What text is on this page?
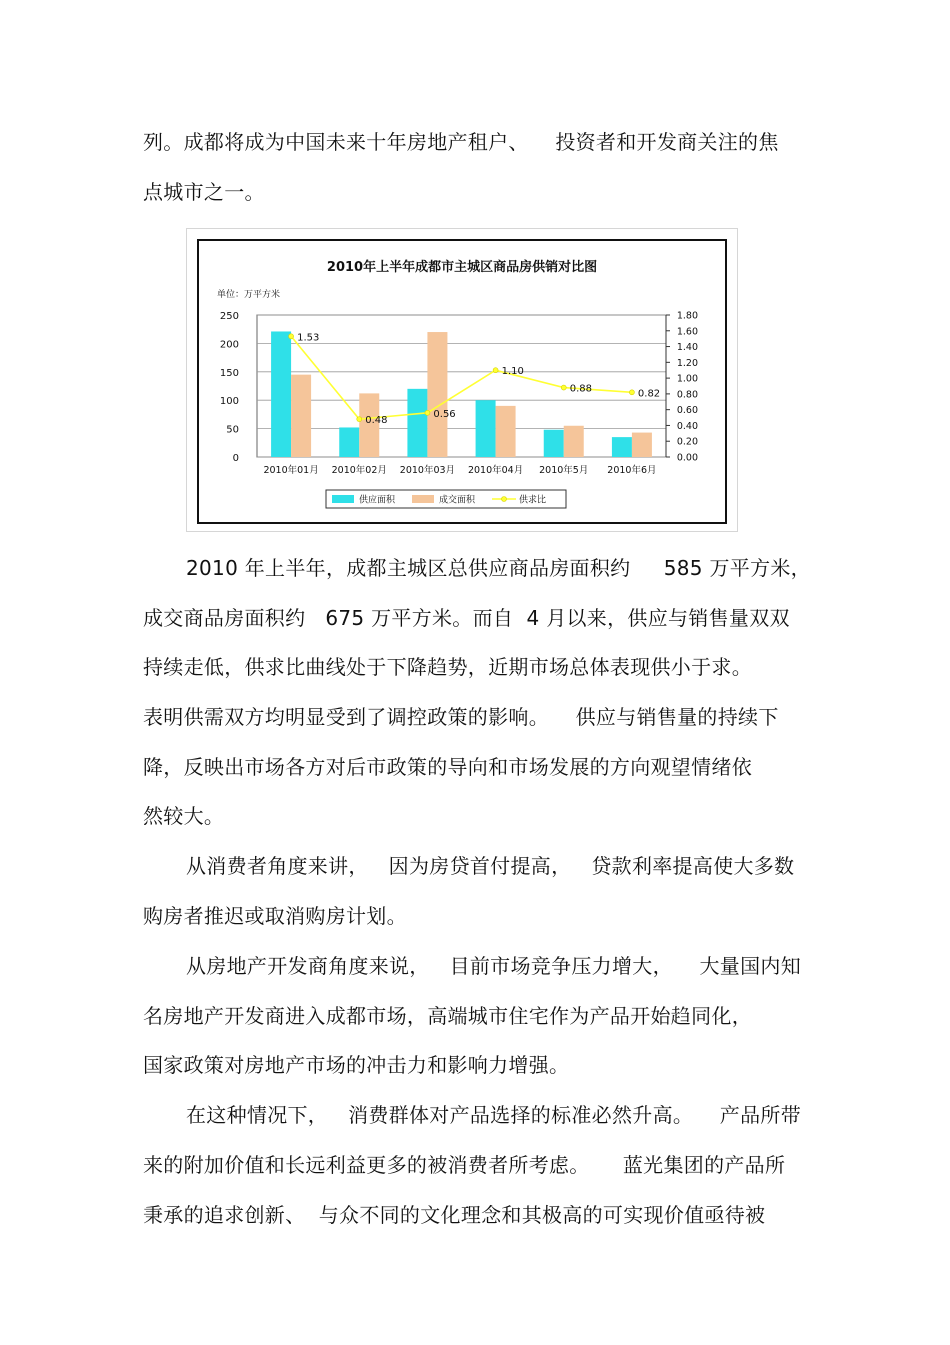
列。成都将成为中国未来十年房地产租户、    投资者和开发商关注的焦
点城市之一。
2010年上半年成都市主城区商品房供销对比图
单位：万平方米
1.53
0.48
0.56
1.10
0.88	0.82
0
50
100
150
200
250
0.00
0.20
0.40
0.60
0.80
1.00
1.20
1.40
1.60
1.80
2010年01月 2010年02月 2010年03月 2010年04月 2010年5月 2010年6月
供应面积	成交面积	供求比
2010 年上半年，成都主城区总供应商品房面积约     585 万平方米，
成交商品房面积约   675 万平方米。而自  4 月以来，供应与销售量双双
持续走低，供求比曲线处于下降趋势，近期市场总体表现供小于求。
表明供需双方均明显受到了调控政策的影响。    供应与销售量的持续下
降，反映出市场各方对后市政策的导向和市场发展的方向观望情绪依
然较大。
从消费者角度来讲，   因为房贷首付提高，   贷款利率提高使大多数
购房者推迟或取消购房计划。
从房地产开发商角度来说，   目前市场竞争压力增大，    大量国内知
名房地产开发商进入成都市场，高端城市住宅作为产品开始趋同化，
国家政策对房地产市场的冲击力和影响力增强。
在这种情况下，   消费群体对产品选择的标准必然升高。    产品所带
来的附加价值和长远利益更多的被消费者所考虑。     蓝光集团的产品所
秉承的追求创新、  与众不同的文化理念和其极高的可实现价值亟待被
